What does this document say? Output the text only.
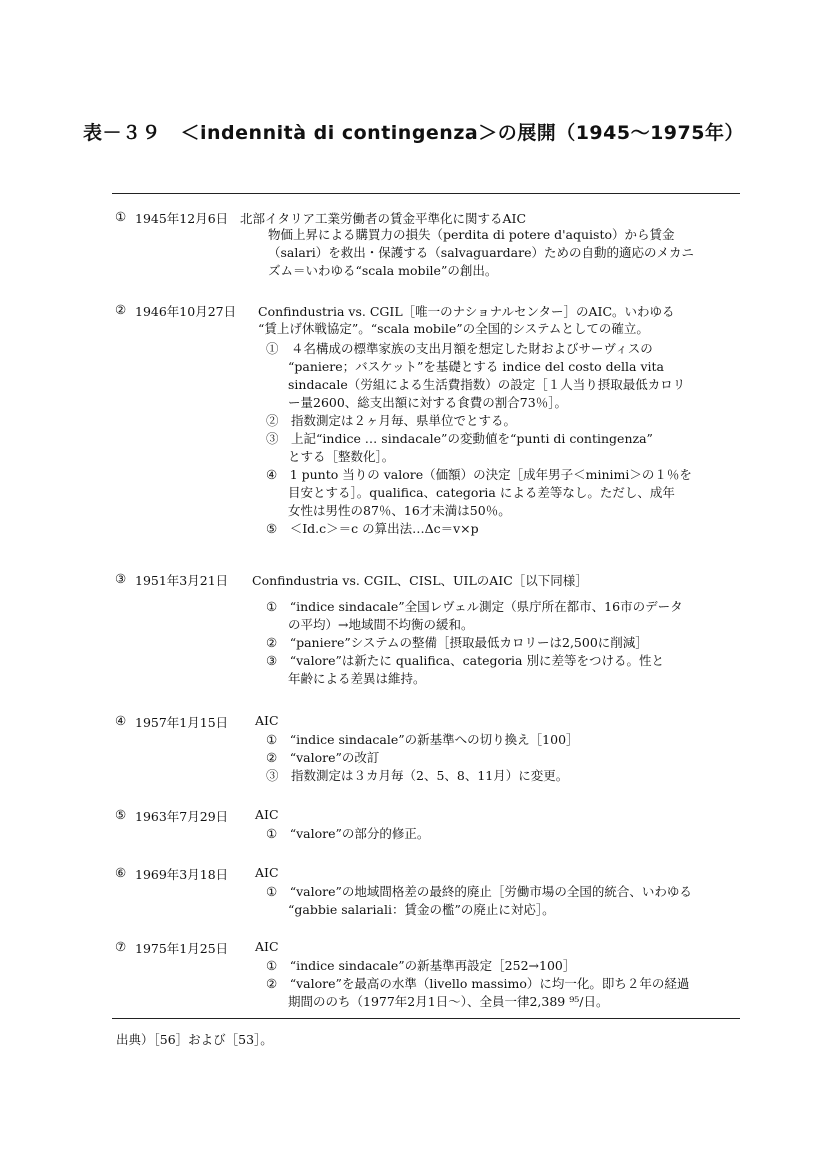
表－３９　＜indennità di contingenza＞の展開（1945～1975年）
① 1945年12月6日 北部イタリア工業労働者の賃金平準化に関するAIC
物価上昇による購買力の損失（perdita di potere d'aquisto）から賃金
（salari）を救出・保護する（salvaguardare）ための自動的適応のメカニ
ズム＝いわゆる“scala mobile”の創出。
② 1946年10月27日 Confindustria vs. CGIL［唯一のナショナルセンター］のAIC。いわゆる
“賃上げ休戦協定”。“scala mobile”の全国的システムとしての確立。
①　４名構成の標準家族の支出月額を想定した財およびサーヴィスの
“paniere；バスケット”を基礎とする indice del costo della vita
sindacale（労組による生活費指数）の設定［１人当り摂取最低カロリ
ー量2600、総支出額に対する食費の割合73％］。
②　指数測定は２ヶ月毎、県単位でとする。
③　上記“indice … sindacale”の変動値を“punti di contingenza”
とする［整数化］。
④　1 punto 当りの valore（価額）の決定［成年男子＜minimi＞の１％を
目安とする］。qualifica、categoria による差等なし。ただし、成年
女性は男性の87％、16才未満は50％。
⑤　＜Id.c＞＝c の算出法…Δc＝v×p
③ 1951年3月21日 Confindustria vs. CGIL、CISL、UILのAIC［以下同様］
①　“indice sindacale”全国レヴェル測定（県庁所在都市、16市のデータ
の平均）→地域間不均衡の緩和。
②　“paniere”システムの整備［摂取最低カロリーは2,500に削減］
③　“valore”は新たに qualifica、categoria 別に差等をつける。性と
年齢による差異は維持。
④ 1957年1月15日 AIC
①　“indice sindacale”の新基準への切り換え［100］
②　“valore”の改訂
③　指数測定は３カ月毎（2、5、8、11月）に変更。
⑤ 1963年7月29日 AIC
①　“valore”の部分的修正。
⑥ 1969年3月18日 AIC
①　“valore”の地域間格差の最終的廃止［労働市場の全国的統合、いわゆる
“gabbie salariali：賃金の檻”の廃止に対応］。
⑦ 1975年1月25日 AIC
①　“indice sindacale”の新基準再設定［252→100］
②　“valore”を最高の水準（livello massimo）に均一化。即ち２年の経過
期間ののち（1977年2月1日～）、全員一律2,389 ⁹⁵/日。
出典）［56］および［53］。
